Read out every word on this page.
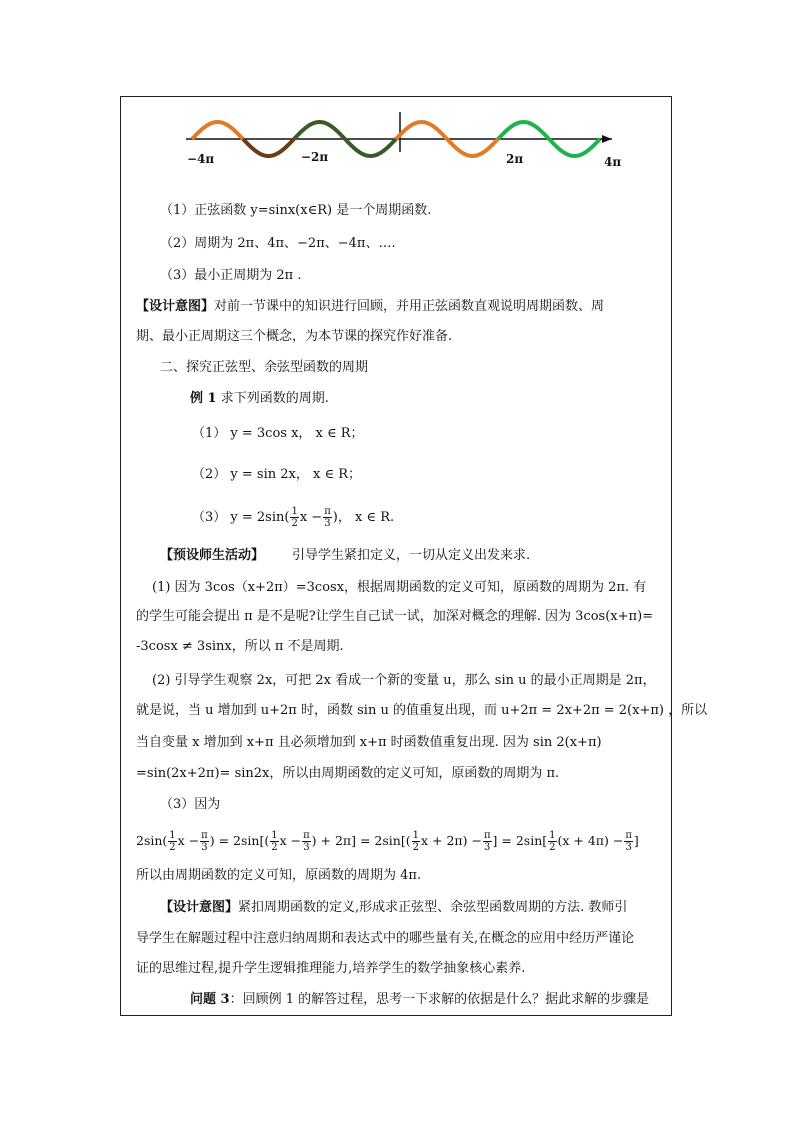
−4π	−2π	2π	4π
（1）正弦函数 y=sinx(x∈R) 是一个周期函数.
（2）周期为 2π、4π、−2π、−4π、….
（3）最小正周期为 2π .
【设计意图】对前一节课中的知识进行回顾，并用正弦函数直观说明周期函数、周
期、最小正周期这三个概念，为本节课的探究作好准备.
二、探究正弦型、余弦型函数的周期
例 1 求下列函数的周期.
（1） y = 3cos x， x ∈ R；
（2） y = sin 2x， x ∈ R；
（3） $y = 2\sin( \frac{1}{2}$ $x - \frac{\pi}{3}$ )， x ∈ R.
【预设师生活动】 引导学生紧扣定义，一切从定义出发来求.
(1) 因为 3cos（x+2π）=3cosx，根据周期函数的定义可知，原函数的周期为 2π. 有
的学生可能会提出 π 是不是呢?让学生自己试一试，加深对概念的理解. 因为 3cos(x+π)=
-3cosx ≠ 3sinx，所以 π 不是周期.
(2) 引导学生观察 2x，可把 2x 看成一个新的变量 u，那么 sin u 的最小正周期是 2π，
就是说，当 u 增加到 u+2π 时，函数 sin u 的值重复出现，而 u+2π = 2x+2π = 2(x+π) ，所以
当自变量 x 增加到 x+π 且必须增加到 x+π 时函数值重复出现. 因为 sin 2(x+π)
=sin(2x+2π)= sin2x，所以由周期函数的定义可知，原函数的周期为 π.
（3）因为
$2\sin( \frac{1}{2}$ $x - \frac{\pi}{3}$ ) = $2\sin[( \frac{1}{2}$ $x - \frac{\pi}{3}$ ) + $2\pi] = 2\sin[( \frac{1}{2}$ $x + 2\pi) - \frac{\pi}{3}$ ] = $2\sin[ \frac{1}{2} (x + 4\pi) - \frac{\pi}{3}$ ]
所以由周期函数的定义可知，原函数的周期为 4π.
【设计意图】紧扣周期函数的定义,形成求正弦型、余弦型函数周期的方法. 教师引
导学生在解题过程中注意归纳周期和表达式中的哪些量有关,在概念的应用中经历严谨论
证的思维过程,提升学生逻辑推理能力,培养学生的数学抽象核心素养.
问题 3：回顾例 1 的解答过程，思考一下求解的依据是什么？据此求解的步骤是
